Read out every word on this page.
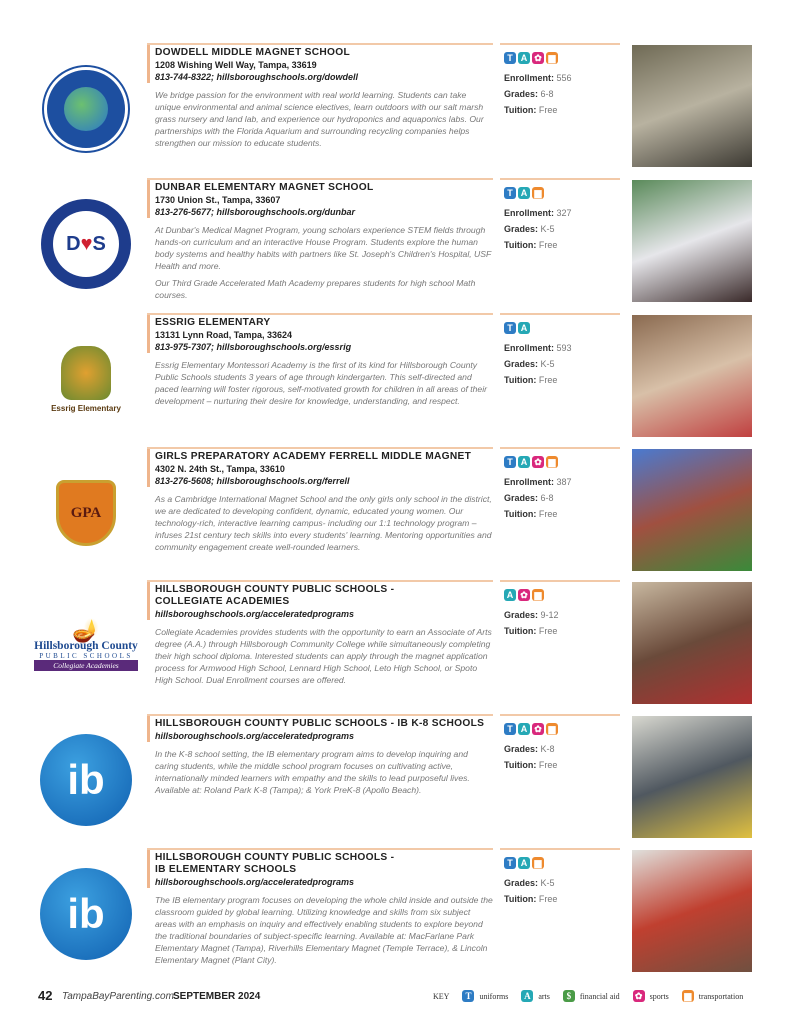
DOWDELL MIDDLE MAGNET SCHOOL
1208 Wishing Well Way, Tampa, 33619
813-744-8322; hillsboroughschools.org/dowdell

We bridge passion for the environment with real world learning. Students can take unique environmental and animal science electives, learn outdoors with our salt marsh grass nursery and land lab, and experience our hydroponics and aquaponics labs. Our partnerships with the Florida Aquarium and surrounding recycling companies helps strengthen our mission to educate students.

T A ✿ ▆
Enrollment: 556
Grades: 6-8
Tuition: Free
D ♥ S
DUNBAR ELEMENTARY MAGNET SCHOOL
1730 Union St., Tampa, 33607
813-276-5677; hillsboroughschools.org/dunbar

At Dunbar's Medical Magnet Program, young scholars experience STEM fields through hands-on curriculum and an interactive House Program. Students explore the human body systems and healthy habits with partners like St. Joseph's Children's Hospital, USF Health and more.

Our Third Grade Accelerated Math Academy prepares students for high school Math courses.

T A ▆
Enrollment: 327
Grades: K-5
Tuition: Free
Essrig Elementary
ESSRIG ELEMENTARY
13131 Lynn Road, Tampa, 33624
813-975-7307; hillsboroughschools.org/essrig

Essrig Elementary Montessori Academy is the first of its kind for Hillsborough County Public Schools students 3 years of age through kindergarten. This self-directed and paced learning will foster rigorous, self-motivated growth for children in all areas of their development – nurturing their desire for knowledge, understanding, and respect.

T A
Enrollment: 593
Grades: K-5
Tuition: Free
GPA
GIRLS PREPARATORY ACADEMY FERRELL MIDDLE MAGNET
4302 N. 24th St., Tampa, 33610
813-276-5608; hillsboroughschools.org/ferrell

As a Cambridge International Magnet School and the only girls only school in the district, we are dedicated to developing confident, dynamic, educated young women. Our technology-rich, interactive learning campus- including our 1:1 technology program – infuses 21st century tech skills into every students' learning. Mentoring opportunities and community engagement create well-rounded learners.

T A ✿ ▆
Enrollment: 387
Grades: 6-8
Tuition: Free
🪔
Hillsborough County
PUBLIC SCHOOLS
Collegiate Academies
HILLSBOROUGH COUNTY PUBLIC SCHOOLS -
COLLEGIATE ACADEMIES
hillsboroughschools.org/acceleratedprograms

Collegiate Academies provides students with the opportunity to earn an Associate of Arts degree (A.A.) through Hillsborough Community College while simultaneously completing their high school diploma. Interested students can apply through the magnet application process for Armwood High School, Lennard High School, Leto High School, or Spoto High School. Dual Enrollment courses are offered.

A ✿ ▆
Grades: 9-12
Tuition: Free
ib
HILLSBOROUGH COUNTY PUBLIC SCHOOLS - IB K-8 SCHOOLS
hillsboroughschools.org/acceleratedprograms

In the K-8 school setting, the IB elementary program aims to develop inquiring and caring students, while the middle school program focuses on cultivating active, internationally minded learners with empathy and the skills to lead purposeful lives. Available at: Roland Park K-8 (Tampa); & York PreK-8 (Apollo Beach).

T A ✿ ▆
Grades: K-8
Tuition: Free
ib
HILLSBOROUGH COUNTY PUBLIC SCHOOLS -
IB ELEMENTARY SCHOOLS
hillsboroughschools.org/acceleratedprograms

The IB elementary program focuses on developing the whole child inside and outside the classroom guided by global learning. Utilizing knowledge and skills from six subject areas with an emphasis on inquiry and effectively enabling students to explore beyond the traditional boundaries of subject-specific learning. Available at: MacFarlane Park Elementary Magnet (Tampa), Riverhills Elementary Magnet (Temple Terrace), & Lincoln Elementary Magnet (Plant City).

T A ▆
Grades: K-5
Tuition: Free
42 TampaBayParenting.com SEPTEMBER 2024	KEY	T	uniforms	A arts	$	financial aid ✿ sports ▆ transportation
